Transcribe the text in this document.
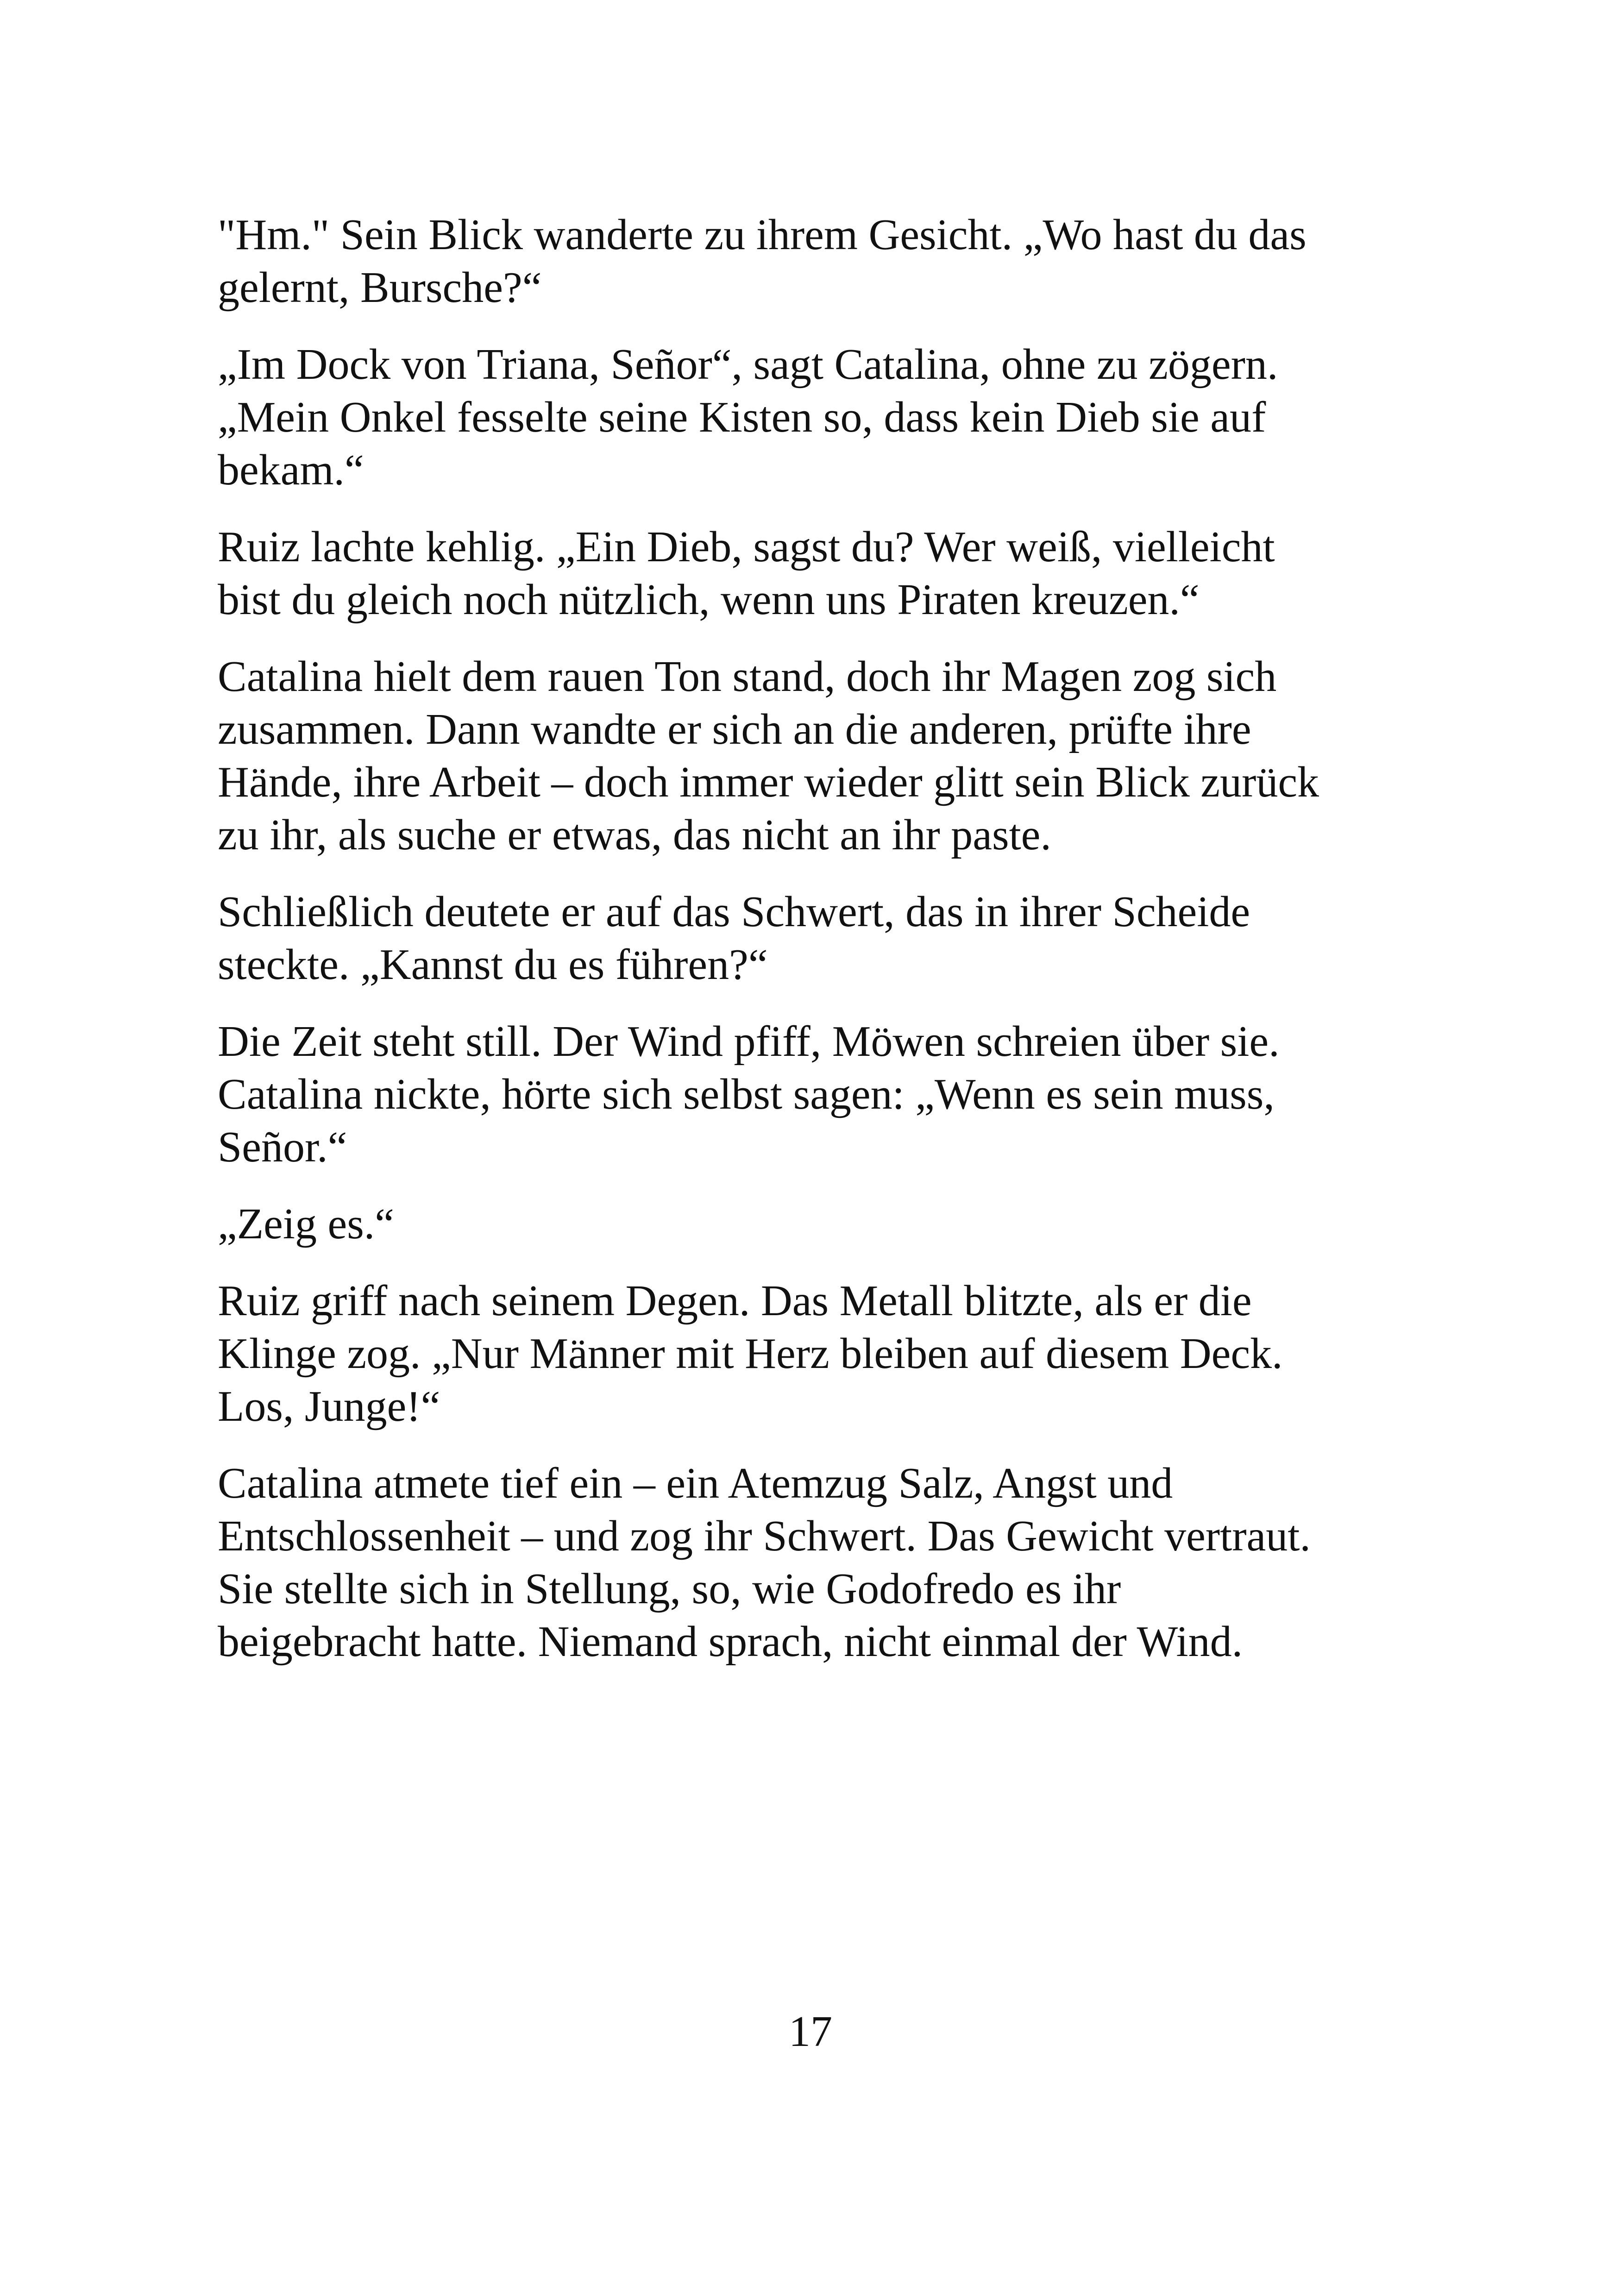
"Hm." Sein Blick wanderte zu ihrem Gesicht. „Wo hast du das
gelernt, Bursche?“

„Im Dock von Triana, Señor“, sagt Catalina, ohne zu zögern.
„Mein Onkel fesselte seine Kisten so, dass kein Dieb sie auf
bekam.“

Ruiz lachte kehlig. „Ein Dieb, sagst du? Wer weiß, vielleicht
bist du gleich noch nützlich, wenn uns Piraten kreuzen.“

Catalina hielt dem rauen Ton stand, doch ihr Magen zog sich
zusammen. Dann wandte er sich an die anderen, prüfte ihre
Hände, ihre Arbeit – doch immer wieder glitt sein Blick zurück
zu ihr, als suche er etwas, das nicht an ihr paste.

Schließlich deutete er auf das Schwert, das in ihrer Scheide
steckte. „Kannst du es führen?“

Die Zeit steht still. Der Wind pfiff, Möwen schreien über sie.
Catalina nickte, hörte sich selbst sagen: „Wenn es sein muss,
Señor.“

„Zeig es.“

Ruiz griff nach seinem Degen. Das Metall blitzte, als er die
Klinge zog. „Nur Männer mit Herz bleiben auf diesem Deck.
Los, Junge!“

Catalina atmete tief ein – ein Atemzug Salz, Angst und
Entschlossenheit – und zog ihr Schwert. Das Gewicht vertraut.
Sie stellte sich in Stellung, so, wie Godofredo es ihr
beigebracht hatte. Niemand sprach, nicht einmal der Wind.

17
